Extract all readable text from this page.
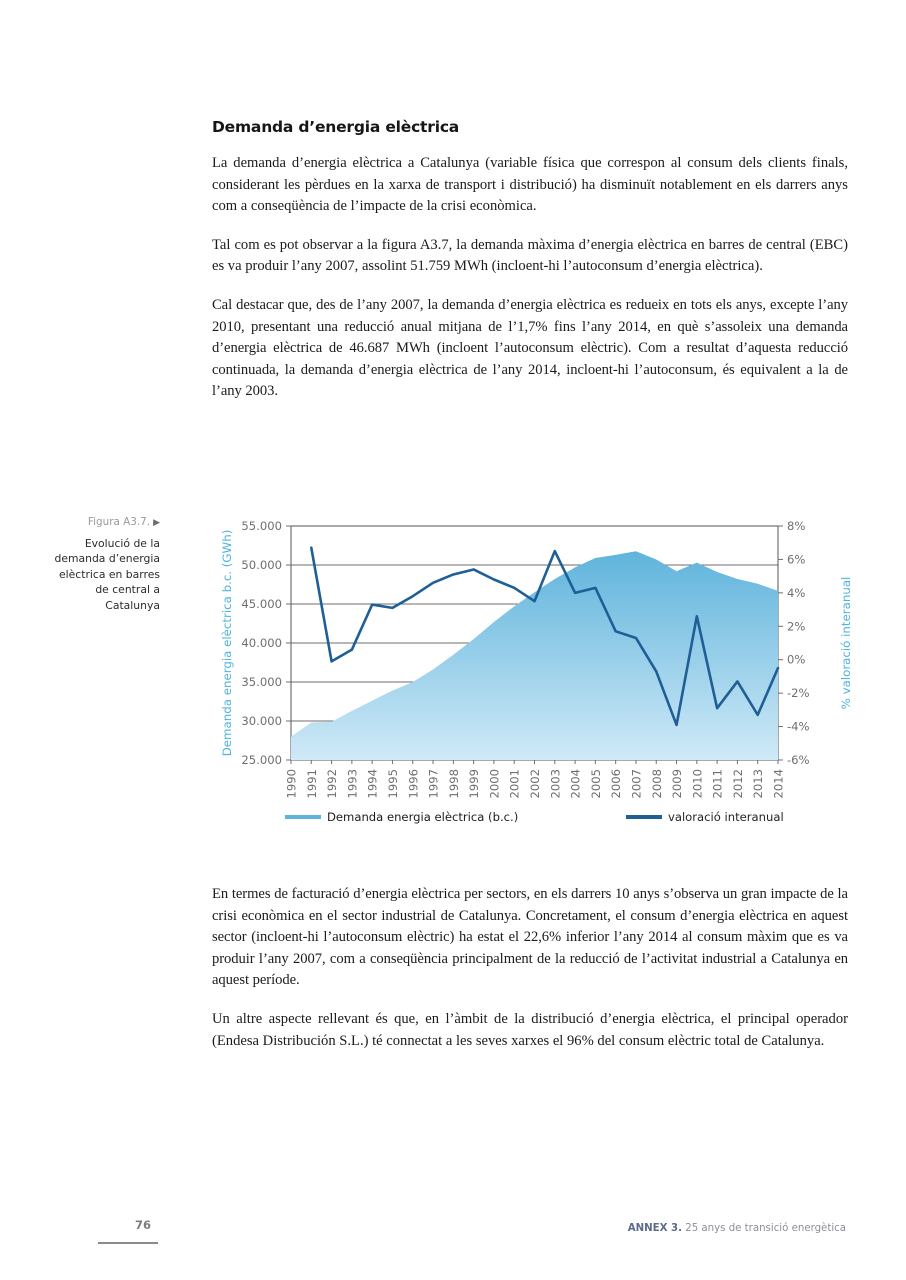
Demanda d’energia elèctrica

La demanda d’energia elèctrica a Catalunya (variable física que correspon al consum dels clients finals, considerant les pèrdues en la xarxa de transport i distribució) ha disminuït notablement en els darrers anys com a conseqüència de l’impacte de la crisi econòmica.

Tal com es pot observar a la figura A3.7, la demanda màxima d’energia elèctrica en barres de central (EBC) es va produir l’any 2007, assolint 51.759 MWh (incloent-hi l’autoconsum d’energia elèctrica).

Cal destacar que, des de l’any 2007, la demanda d’energia elèctrica es redueix en tots els anys, excepte l’any 2010, presentant una reducció anual mitjana de l’1,7% fins l’any 2014, en què s’assoleix una demanda d’energia elèctrica de 46.687 MWh (incloent l’autoconsum elèctric). Com a resultat d’aquesta reducció continuada, la demanda d’energia elèctrica de l’any 2014, incloent-hi l’autoconsum, és equivalent a la de l’any 2003.

Figura A3.7. ▶
Evolució de la demanda d’energia elèctrica en barres de central a Catalunya
25.000
30.000
35.000
40.000
45.000
50.000
55.000
-6%
-4%
-2%
0%
2%
4%
6%
8%
1990 1991 1992 1993 1994 1995 1996 1997 1998 1999 2000 2001 2002 2003 2004 2005 2006 2007 2008 2009 2010 2011 2012 2013 2014
Demanda energia elèctrica b.c. (GWh)	% valoració interanual
Demanda energia elèctrica (b.c.)	valoració interanual

En termes de facturació d’energia elèctrica per sectors, en els darrers 10 anys s’observa un gran impacte de la crisi econòmica en el sector industrial de Catalunya. Concretament, el consum d’energia elèctrica en aquest sector (incloent-hi l’autoconsum elèctric) ha estat el 22,6% inferior l’any 2014 al consum màxim que es va produir l’any 2007, com a conseqüència principalment de la reducció de l’activitat industrial a Catalunya en aquest període.

Un altre aspecte rellevant és que, en l’àmbit de la distribució d’energia elèctrica, el principal operador (Endesa Distribución S.L.) té connectat a les seves xarxes el 96% del consum elèctric total de Catalunya.

76	ANNEX 3. 25 anys de transició energètica
